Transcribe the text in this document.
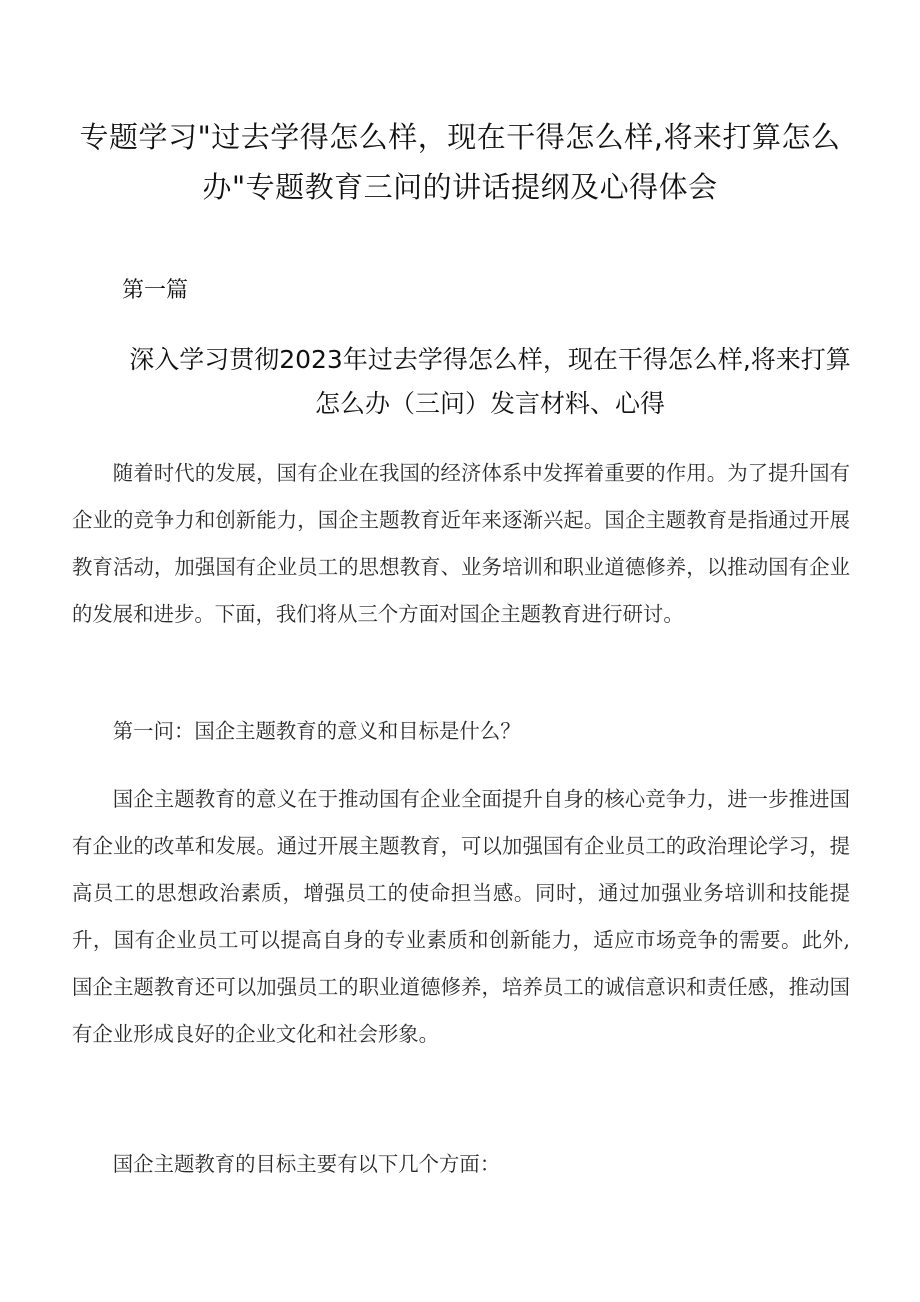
专题学习"过去学得怎么样，现在干得怎么样,将来打算怎么办"专题教育三问的讲话提纲及心得体会
第一篇
深入学习贯彻2023年过去学得怎么样，现在干得怎么样,将来打算怎么办（三问）发言材料、心得

随着时代的发展，国有企业在我国的经济体系中发挥着重要的作用。为了提升国有企业的竞争力和创新能力，国企主题教育近年来逐渐兴起。国企主题教育是指通过开展教育活动，加强国有企业员工的思想教育、业务培训和职业道德修养，以推动国有企业的发展和进步。下面，我们将从三个方面对国企主题教育进行研讨。

第一问：国企主题教育的意义和目标是什么？

国企主题教育的意义在于推动国有企业全面提升自身的核心竞争力，进一步推进国有企业的改革和发展。通过开展主题教育，可以加强国有企业员工的政治理论学习，提高员工的思想政治素质，增强员工的使命担当感。同时，通过加强业务培训和技能提升，国有企业员工可以提高自身的专业素质和创新能力，适应市场竞争的需要。此外,国企主题教育还可以加强员工的职业道德修养，培养员工的诚信意识和责任感，推动国有企业形成良好的企业文化和社会形象。

国企主题教育的目标主要有以下几个方面：
